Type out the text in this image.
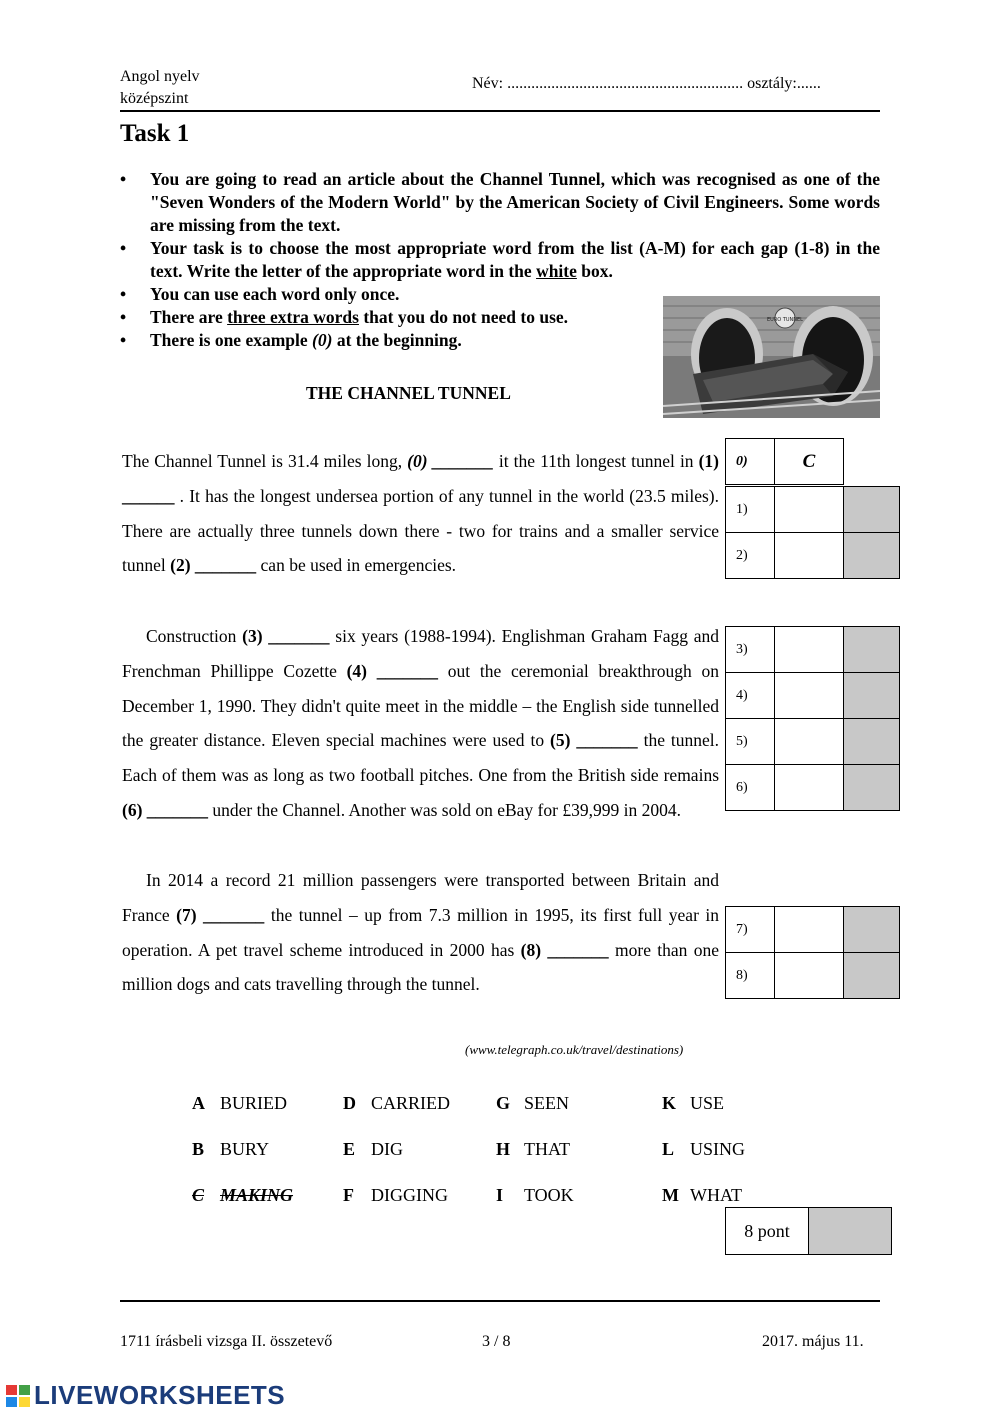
Angol nyelv
középszint
Név: ........................................................... osztály:......
Task 1
• You are going to read an article about the Channel Tunnel, which was recognised as one of the "Seven Wonders of the Modern World" by the American Society of Civil Engineers. Some words are missing from the text.
• Your task is to choose the most appropriate word from the list (A-M) for each gap (1-8) in the text. Write the letter of the appropriate word in the white box.
• You can use each word only once.
• There are three extra words that you do not need to use.
• There is one example (0) at the beginning.
EURO TUNNEL
THE CHANNEL TUNNEL
The Channel Tunnel is 31.4 miles long, (0) _______ it the 11th longest tunnel in (1) ______ . It has the longest undersea portion of any tunnel in the world (23.5 miles). There are actually three tunnels down there - two for trains and a smaller service tunnel (2) _______ can be used in emergencies.
Construction (3) _______ six years (1988-1994). Englishman Graham Fagg and Frenchman Phillippe Cozette (4) _______ out the ceremonial breakthrough on December 1, 1990. They didn't quite meet in the middle – the English side tunnelled the greater distance. Eleven special machines were used to (5) _______ the tunnel. Each of them was as long as two football pitches. One from the British side remains (6) _______ under the Channel. Another was sold on eBay for £39,999 in 2004.
In 2014 a record 21 million passengers were transported between Britain and France (7) _______ the tunnel – up from 7.3 million in 1995, its first full year in operation. A pet travel scheme introduced in 2000 has (8) _______ more than one million dogs and cats travelling through the tunnel.
0)	C	
1)		
2)		
3)		
4)		
5)		
6)		
7)		
8)		
(www.telegraph.co.uk/travel/destinations)
A BURIED
B BURY
C MAKING
D CARRIED
E DIG
F DIGGING
G SEEN
H THAT
I TOOK
K USE
L USING
M WHAT
8 pont	
1711 írásbeli vizsga II. összetevő	3 / 8	2017. május 11.
LIVEWORKSHEETS
